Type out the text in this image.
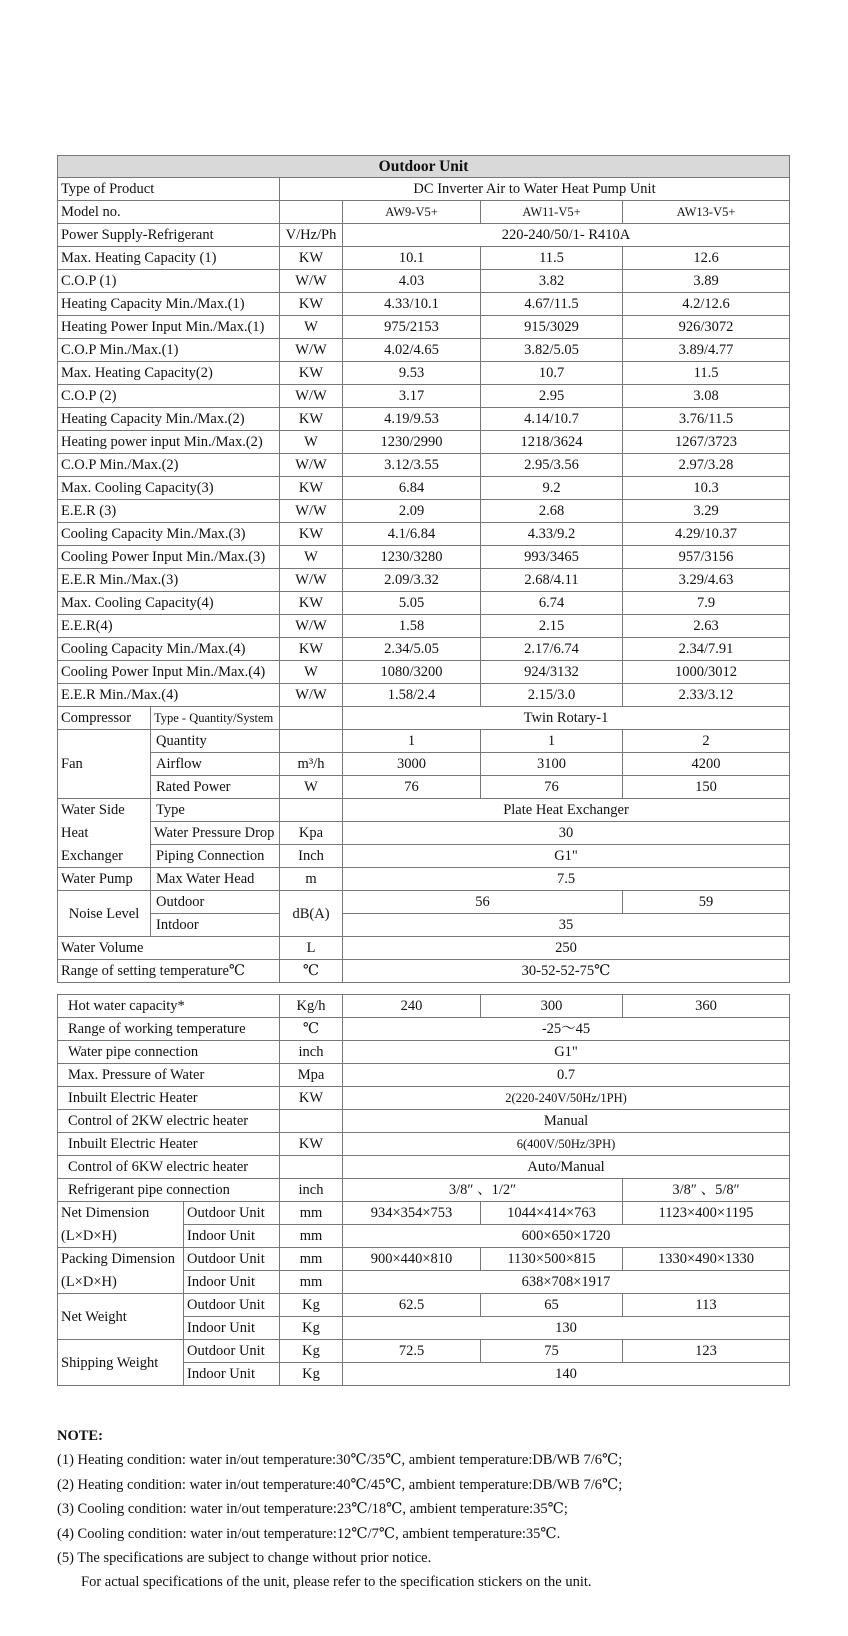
Outdoor Unit				
Type of Product	DC Inverter Air to Water Heat Pump Unit			
Model no.		AW9-V5+	AW11-V5+	AW13-V5+
Power Supply-Refrigerant	V/Hz/Ph	220-240/50/1- R410A		
Max. Heating Capacity (1)	KW	10.1	11.5	12.6
C.O.P (1)	W/W	4.03	3.82	3.89
Heating Capacity Min./Max.(1)	KW	4.33/10.1	4.67/11.5	4.2/12.6
Heating Power Input Min./Max.(1)	W	975/2153	915/3029	926/3072
C.O.P Min./Max.(1)	W/W	4.02/4.65	3.82/5.05	3.89/4.77
Max. Heating Capacity(2)	KW	9.53	10.7	11.5
C.O.P (2)	W/W	3.17	2.95	3.08
Heating Capacity Min./Max.(2)	KW	4.19/9.53	4.14/10.7	3.76/11.5
Heating power input Min./Max.(2)	W	1230/2990	1218/3624	1267/3723
C.O.P Min./Max.(2)	W/W	3.12/3.55	2.95/3.56	2.97/3.28
Max. Cooling Capacity(3)	KW	6.84	9.2	10.3
E.E.R (3)	W/W	2.09	2.68	3.29
Cooling Capacity Min./Max.(3)	KW	4.1/6.84	4.33/9.2	4.29/10.37
Cooling Power Input Min./Max.(3)	W	1230/3280	993/3465	957/3156
E.E.R Min./Max.(3)	W/W	2.09/3.32	2.68/4.11	3.29/4.63
Max. Cooling Capacity(4)	KW	5.05	6.74	7.9
E.E.R(4)	W/W	1.58	2.15	2.63
Cooling Capacity Min./Max.(4)	KW	2.34/5.05	2.17/6.74	2.34/7.91
Cooling Power Input Min./Max.(4)	W	1080/3200	924/3132	1000/3012
E.E.R Min./Max.(4)	W/W	1.58/2.4	2.15/3.0	2.33/3.12
Compressor	Type - Quantity/System		Twin Rotary-1		
Fan	Quantity		1	1	2
	Airflow	m³/h	3000	3100	4200
	Rated Power	W	76	76	150
Water Side	Type		Plate Heat Exchanger		
Heat	Water Pressure Drop	Kpa	30		
Exchanger	Piping Connection	Inch	G1"		
Water Pump	Max Water Head	m	7.5		
Noise Level	Outdoor	dB(A)	56		59
	Intdoor		35		
Water Volume		L	250		
Range of setting temperature℃		℃	30-52-52-75℃		
Hot water capacity*		Kg/h	240	300	360
Range of working temperature		℃	-25～45		
Water pipe connection		inch	G1"		
Max. Pressure of Water		Mpa	0.7		
Inbuilt Electric Heater		KW	2(220-240V/50Hz/1PH)		
Control of 2KW electric heater			Manual		
Inbuilt Electric Heater		KW	6(400V/50Hz/3PH)		
Control of 6KW electric heater			Auto/Manual		
Refrigerant pipe connection		inch	3/8″ 、1/2″		3/8″ 、5/8″
Net Dimension	Outdoor Unit	mm	934×354×753	1044×414×763	1123×400×1195
(L×D×H)	Indoor Unit	mm	600×650×1720		
Packing Dimension	Outdoor Unit	mm	900×440×810	1130×500×815	1330×490×1330
(L×D×H)	Indoor Unit	mm	638×708×1917		
Net Weight	Outdoor Unit	Kg	62.5	65	113
	Indoor Unit	Kg	130		
Shipping Weight	Outdoor Unit	Kg	72.5	75	123
	Indoor Unit	Kg	140		
NOTE:
(1) Heating condition: water in/out temperature:30℃/35℃, ambient temperature:DB/WB 7/6℃;
(2) Heating condition: water in/out temperature:40℃/45℃, ambient temperature:DB/WB 7/6℃;
(3) Cooling condition: water in/out temperature:23℃/18℃, ambient temperature:35℃;
(4) Cooling condition: water in/out temperature:12℃/7℃, ambient temperature:35℃.
(5) The specifications are subject to change without prior notice.
For actual specifications of the unit, please refer to the specification stickers on the unit.
